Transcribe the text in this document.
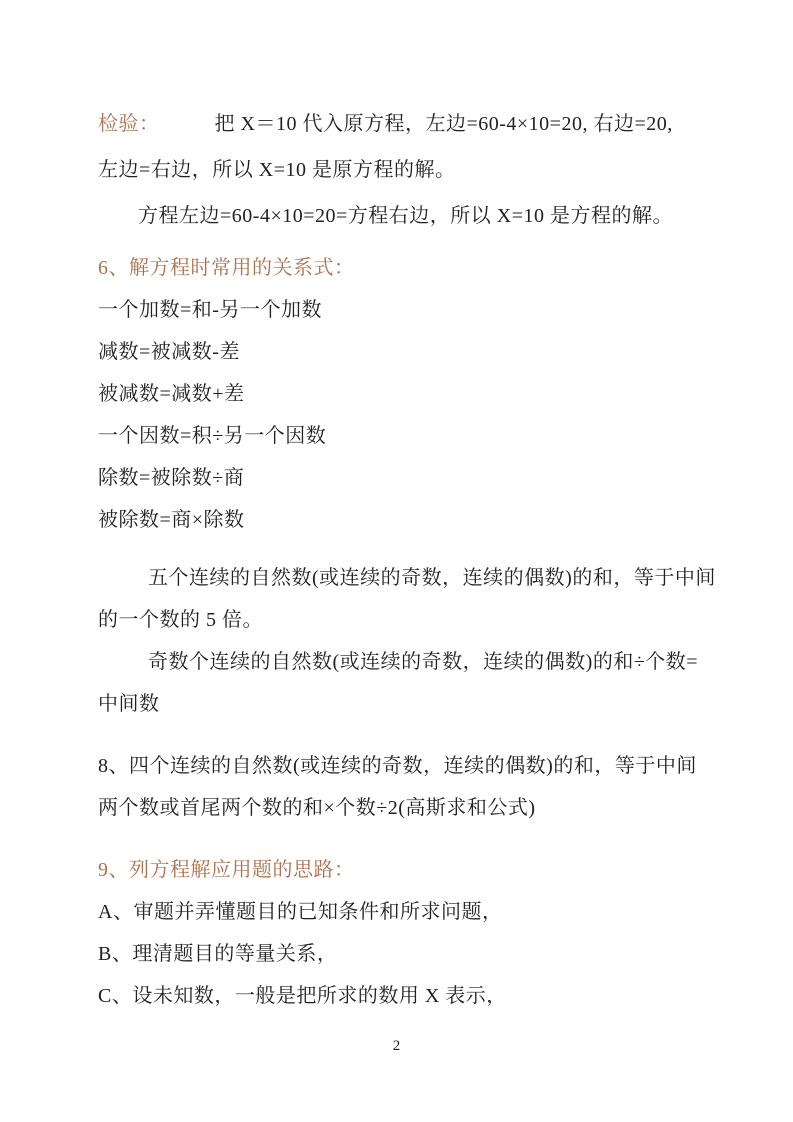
检验：	把 X＝10 代入原方程，左边=60-4×10=20, 右边=20,

左边=右边，所以 X=10 是原方程的解。

方程左边=60-4×10=20=方程右边，所以 X=10 是方程的解。

6、解方程时常用的关系式：

一个加数=和-另一个加数

减数=被减数-差

被减数=减数+差

一个因数=积÷另一个因数

除数=被除数÷商

被除数=商×除数

五个连续的自然数(或连续的奇数，连续的偶数)的和，等于中间

的一个数的 5 倍。

奇数个连续的自然数(或连续的奇数，连续的偶数)的和÷个数=

中间数

8、四个连续的自然数(或连续的奇数，连续的偶数)的和，等于中间

两个数或首尾两个数的和×个数÷2(高斯求和公式)

9、列方程解应用题的思路：

A、审题并弄懂题目的已知条件和所求问题，

B、理清题目的等量关系，

C、设未知数，一般是把所求的数用 X 表示，

2
